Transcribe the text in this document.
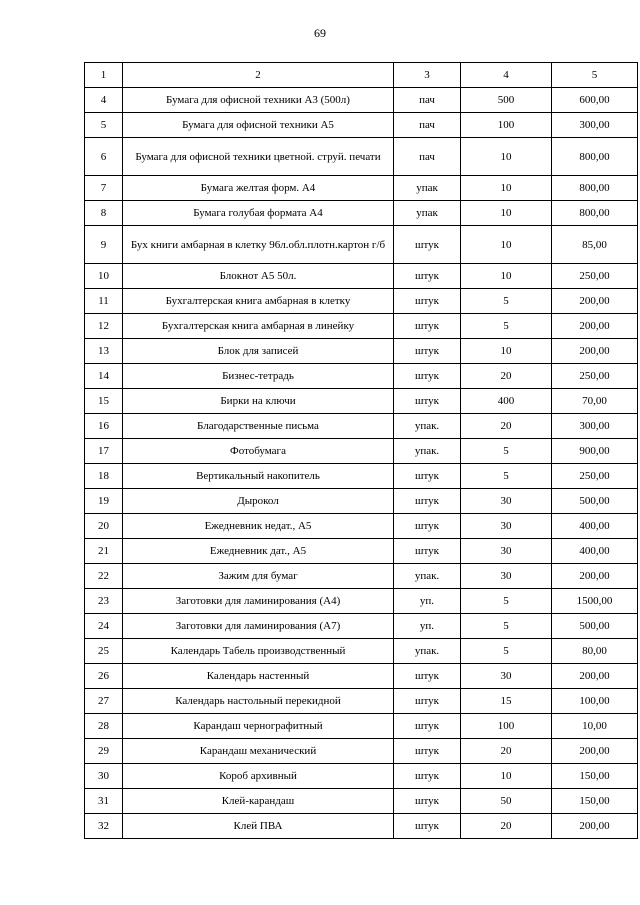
69
1	2	3	4	5
4	Бумага для офисной техники А3 (500л)	пач	500	600,00
5	Бумага для офисной техники А5	пач	100	300,00
6	Бумага для офисной техники цветной. струй. печати	пач	10	800,00
7	Бумага желтая форм. А4	упак	10	800,00
8	Бумага голубая формата А4	упак	10	800,00
9	Бух книги амбарная в клетку 96л.обл.плотн.картон г/б	штук	10	85,00
10	Блокнот А5 50л.	штук	10	250,00
11	Бухгалтерская книга амбарная в клетку	штук	5	200,00
12	Бухгалтерская книга амбарная в линейку	штук	5	200,00
13	Блок для записей	штук	10	200,00
14	Бизнес-тетрадь	штук	20	250,00
15	Бирки на ключи	штук	400	70,00
16	Благодарственные письма	упак.	20	300,00
17	Фотобумага	упак.	5	900,00
18	Вертикальный накопитель	штук	5	250,00
19	Дырокол	штук	30	500,00
20	Ежедневник недат., А5	штук	30	400,00
21	Ежедневник дат., А5	штук	30	400,00
22	Зажим для бумаг	упак.	30	200,00
23	Заготовки для ламинирования (А4)	уп.	5	1500,00
24	Заготовки для ламинирования (А7)	уп.	5	500,00
25	Календарь Табель производственный	упак.	5	80,00
26	Календарь настенный	штук	30	200,00
27	Календарь настольный перекидной	штук	15	100,00
28	Карандаш чернографитный	штук	100	10,00
29	Карандаш механический	штук	20	200,00
30	Короб архивный	штук	10	150,00
31	Клей-карандаш	штук	50	150,00
32	Клей ПВА	штук	20	200,00
